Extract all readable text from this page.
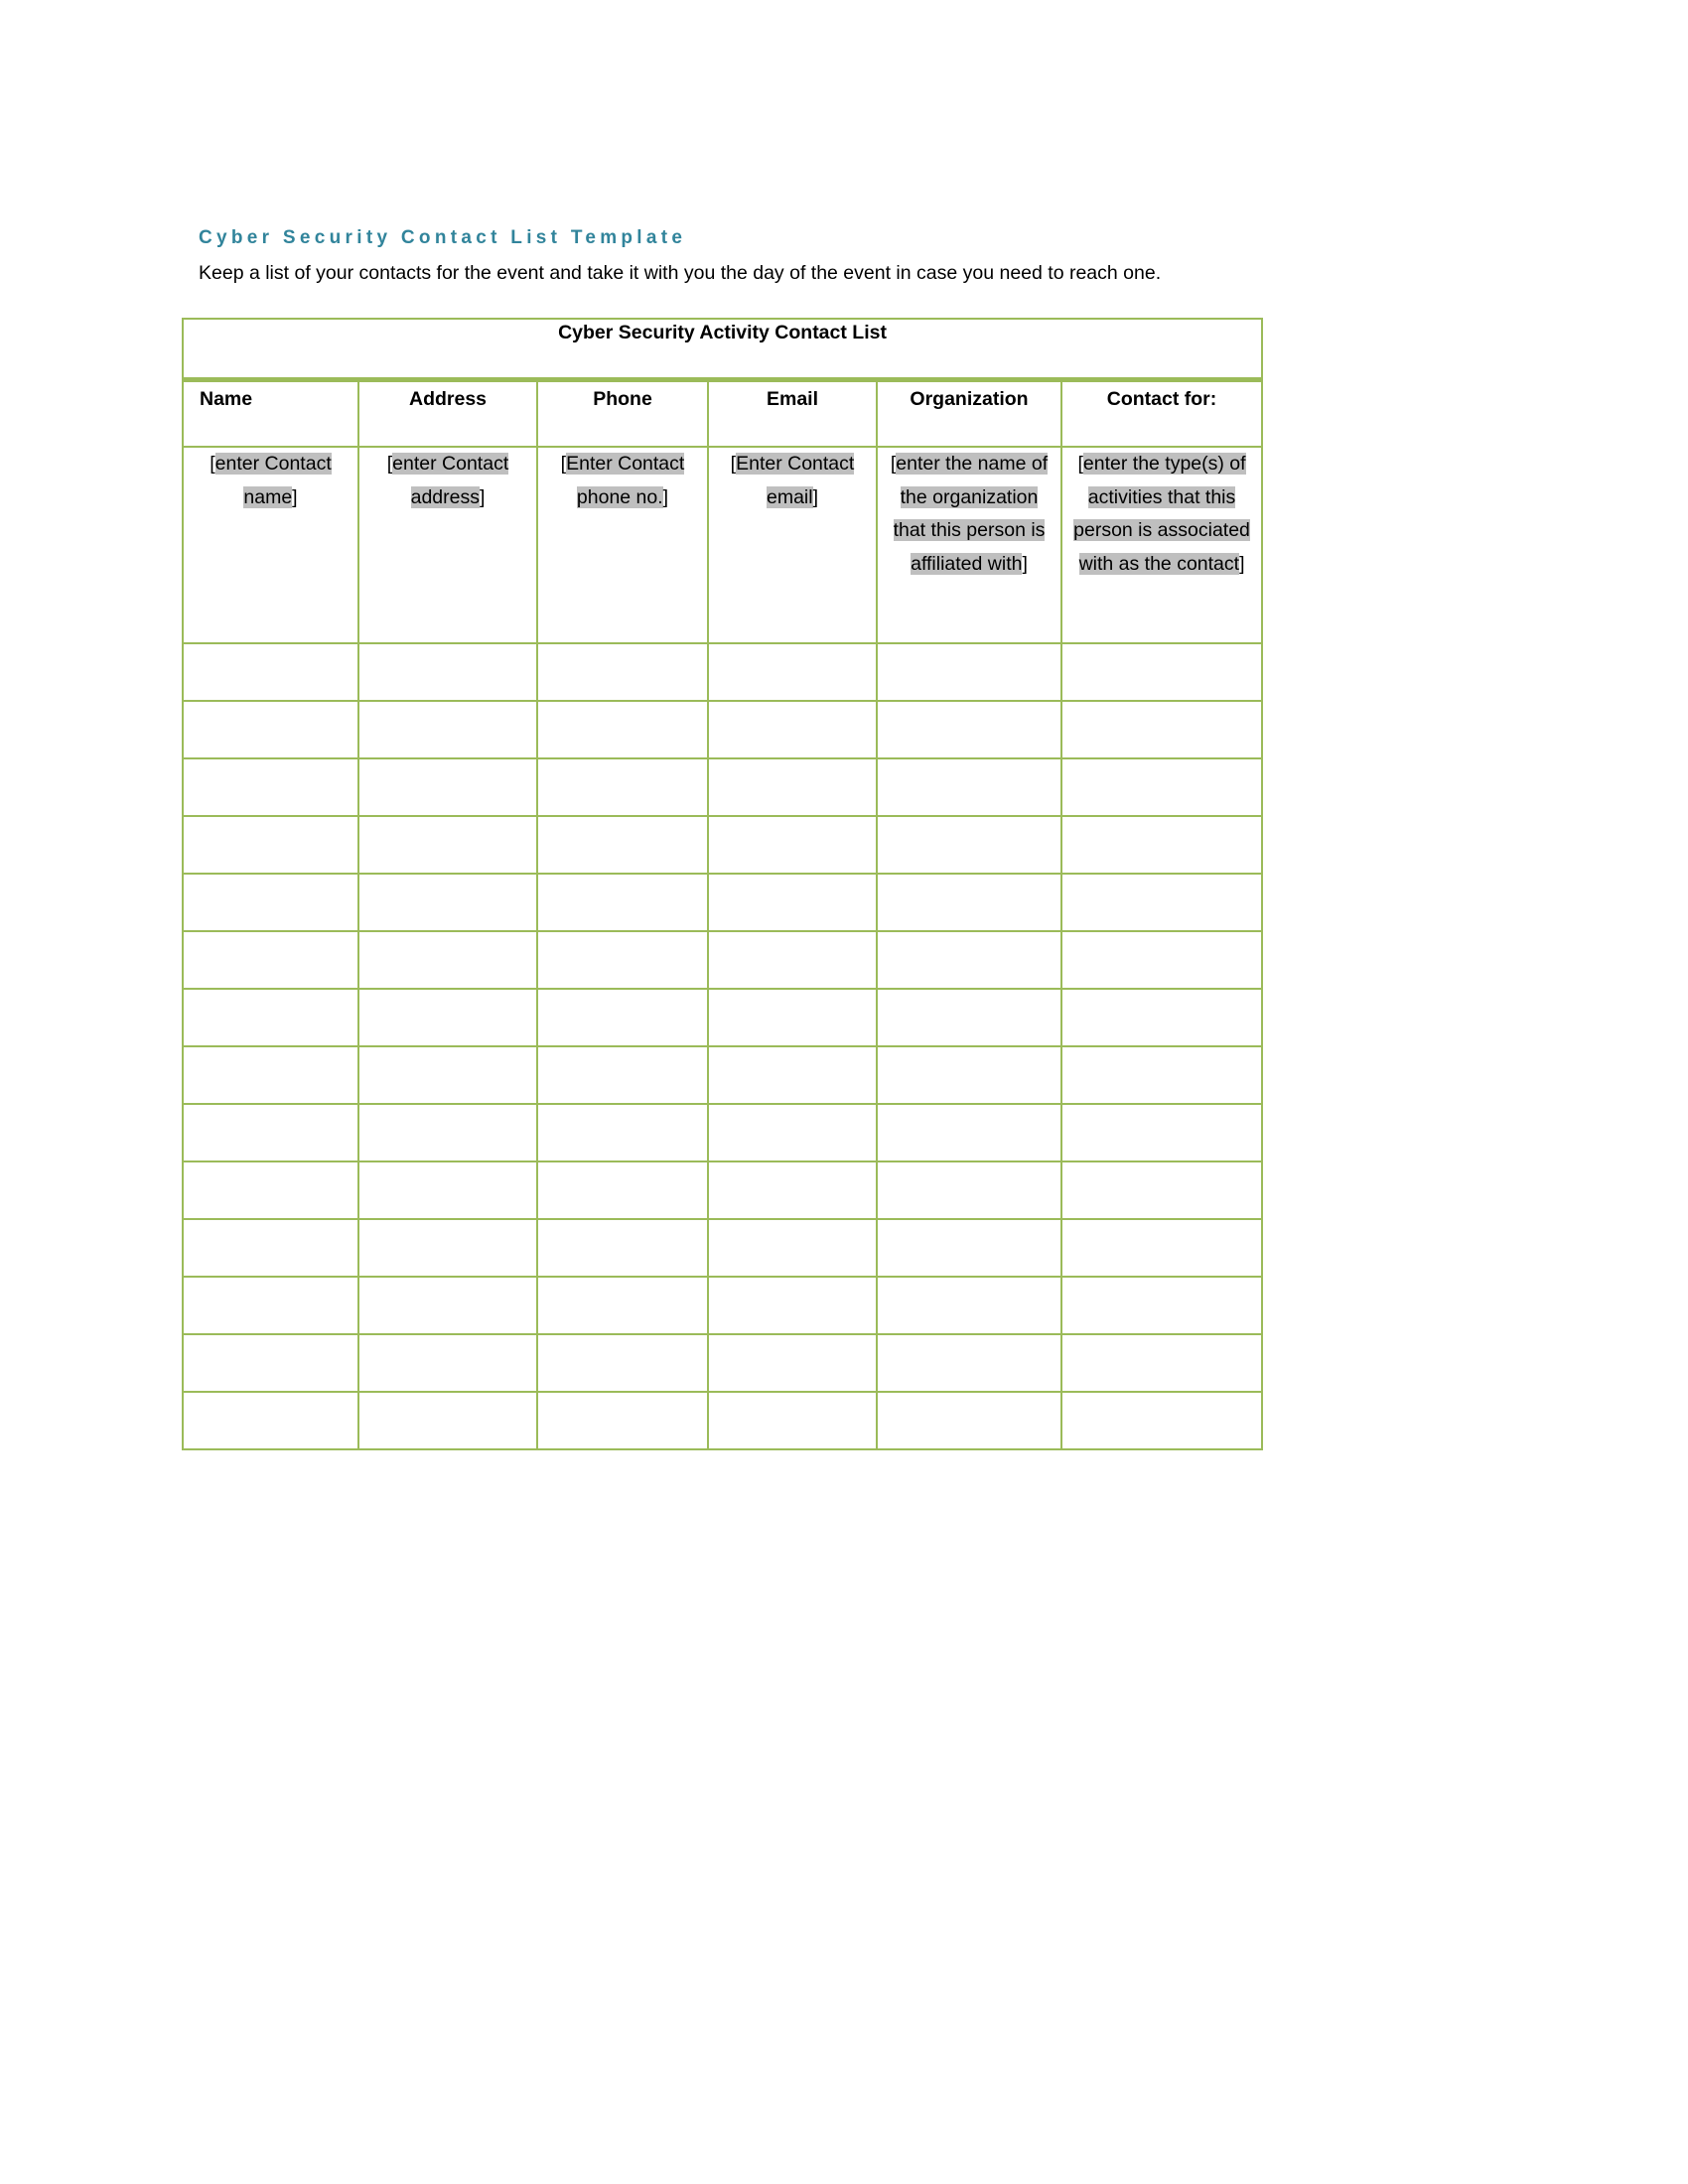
Cyber Security Contact List Template
Keep a list of your contacts for the event and take it with you the day of the event in case you need to reach one.
Cyber Security Activity Contact List					
Name	Address	Phone	Email	Organization	Contact for:
[enter Contact name]	[enter Contact address]	[Enter Contact phone no.]	[Enter Contact email]	[enter the name of the organization that this person is affiliated with]	[enter the type(s) of activities that this person is associated with as the contact]
